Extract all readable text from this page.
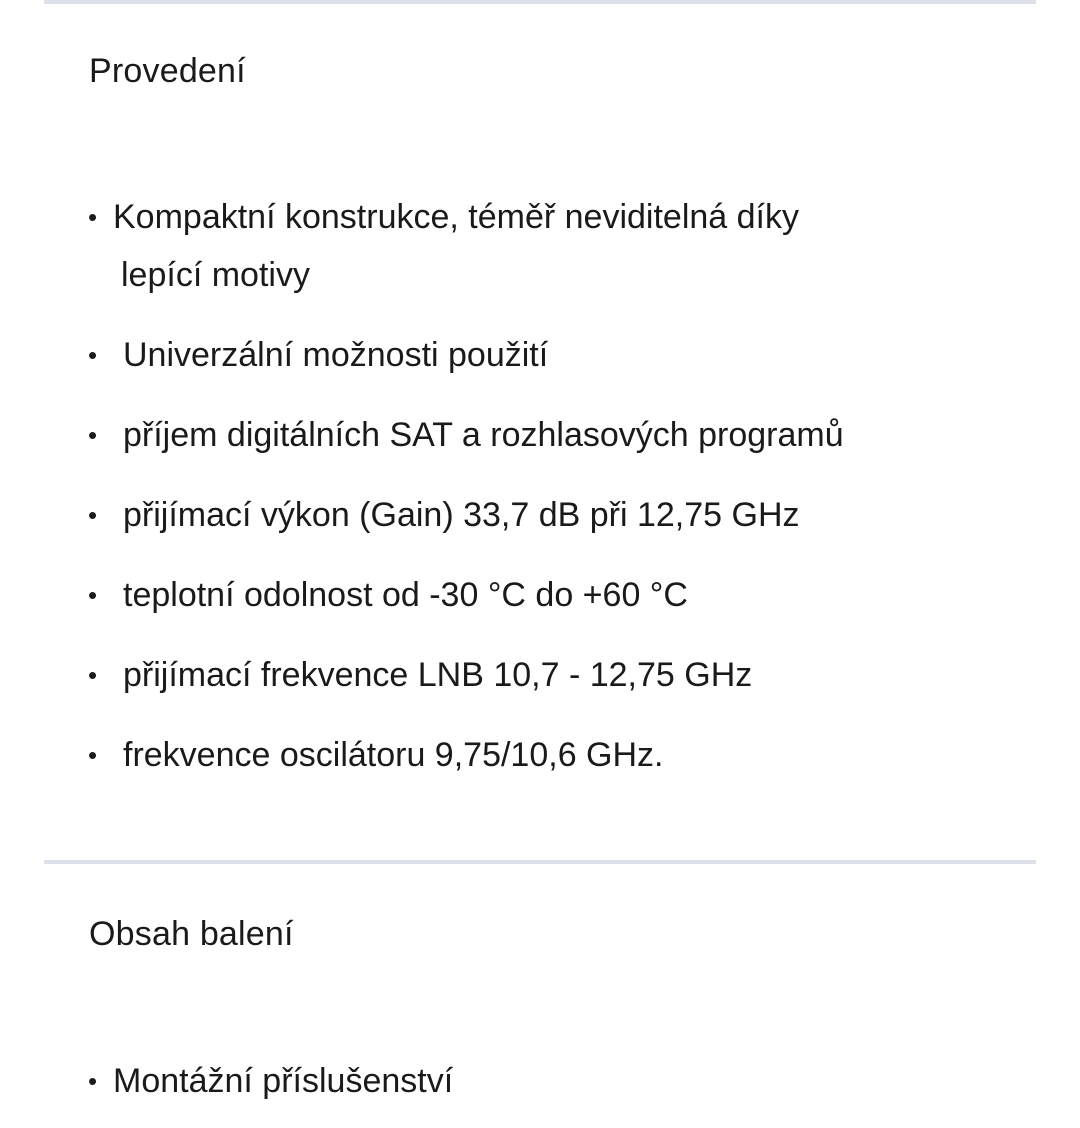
Provedení
• Kompaktní konstrukce, téměř neviditelná díky
lepící motivy
• Univerzální možnosti použití
• příjem digitálních SAT a rozhlasových programů
• přijímací výkon (Gain) 33,7 dB při 12,75 GHz
• teplotní odolnost od -30 °C do +60 °C
• přijímací frekvence LNB 10,7 - 12,75 GHz
• frekvence oscilátoru 9,75/10,6 GHz.
Obsah balení
• Montážní příslušenství
